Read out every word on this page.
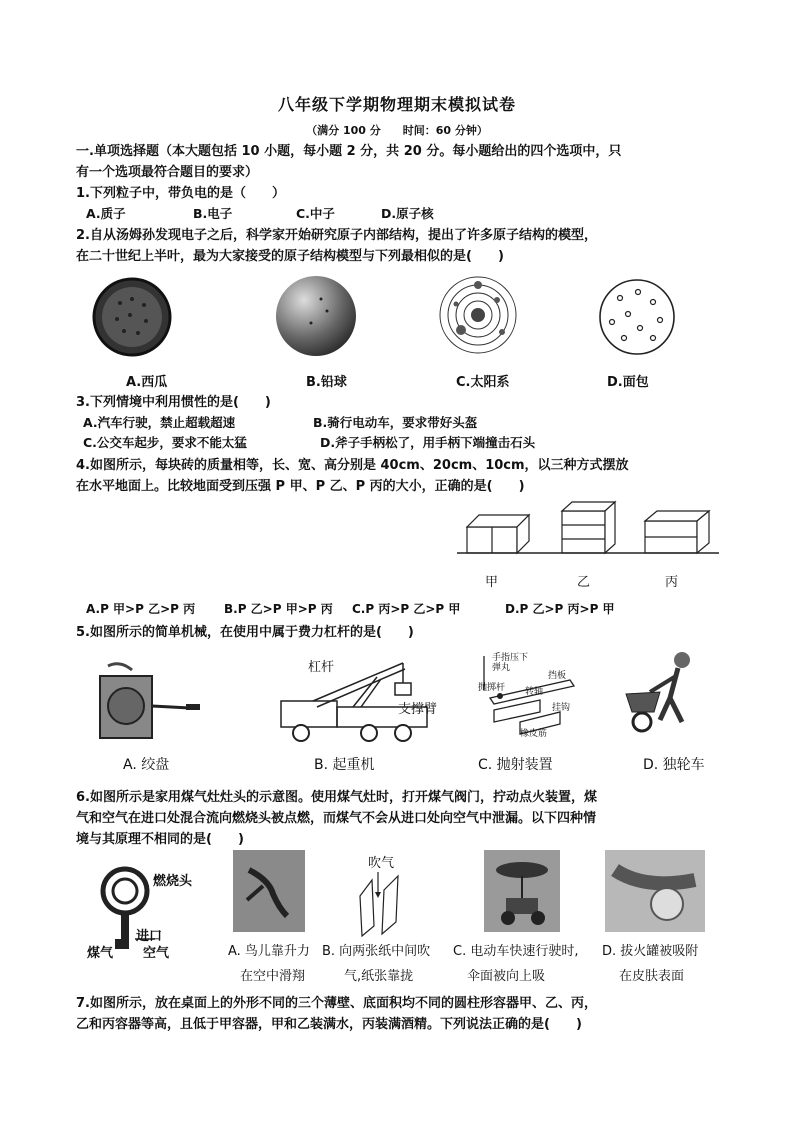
八年级下学期物理期末模拟试卷
（满分 100 分　　时间：60 分钟）
一.单项选择题（本大题包括 10 小题，每小题 2 分，共 20 分。每小题给出的四个选项中，只
有一个选项最符合题目的要求）
1.下列粒子中，带负电的是（　　）
A.质子	B.电子	C.中子	D.原子核
2.自从汤姆孙发现电子之后，科学家开始研究原子内部结构，提出了许多原子结构的模型，
在二十世纪上半叶，最为大家接受的原子结构模型与下列最相似的是(　　)
A.西瓜	B.铅球	C.太阳系	D.面包
3.下列情境中利用惯性的是(　　)
A.汽车行驶，禁止超载超速	B.骑行电动车，要求带好头盔
C.公交车起步，要求不能太猛	D.斧子手柄松了，用手柄下端撞击石头
4.如图所示，每块砖的质量相等，长、宽、高分别是 40cm、20cm、10cm，以三种方式摆放
在水平地面上。比较地面受到压强 P 甲、P 乙、P 丙的大小，正确的是(　　)
甲	乙	丙
A.P 甲>P 乙>P 丙 B.P 乙>P 甲>P 丙 C.P 丙>P 乙>P 甲	D.P 乙>P 丙>P 甲
5.如图所示的简单机械，在使用中属于费力杠杆的是(　　)
A. 绞盘
杠杆
支撑臂
B. 起重机
手指压下
弹丸
抛掷杆 转轴
挡板
挂钩
橡皮筋
C. 抛射装置	D. 独轮车
6.如图所示是家用煤气灶灶头的示意图。使用煤气灶时，打开煤气阀门，拧动点火装置，煤
气和空气在进口处混合流向燃烧头被点燃，而煤气不会从进口处向空气中泄漏。以下四种情
境与其原理不相同的是(　　)
燃烧头
进口
煤气 空气	A. 鸟儿靠升力
在空中滑翔
吹气
B. 向两张纸中间吹
气,纸张靠拢
C. 电动车快速行驶时,
伞面被向上吸
D. 拔火罐被吸附
在皮肤表面
7.如图所示，放在桌面上的外形不同的三个薄壁、底面积均不同的圆柱形容器甲、乙、丙，
乙和丙容器等高，且低于甲容器，甲和乙装满水，丙装满酒精。下列说法正确的是(　　)
